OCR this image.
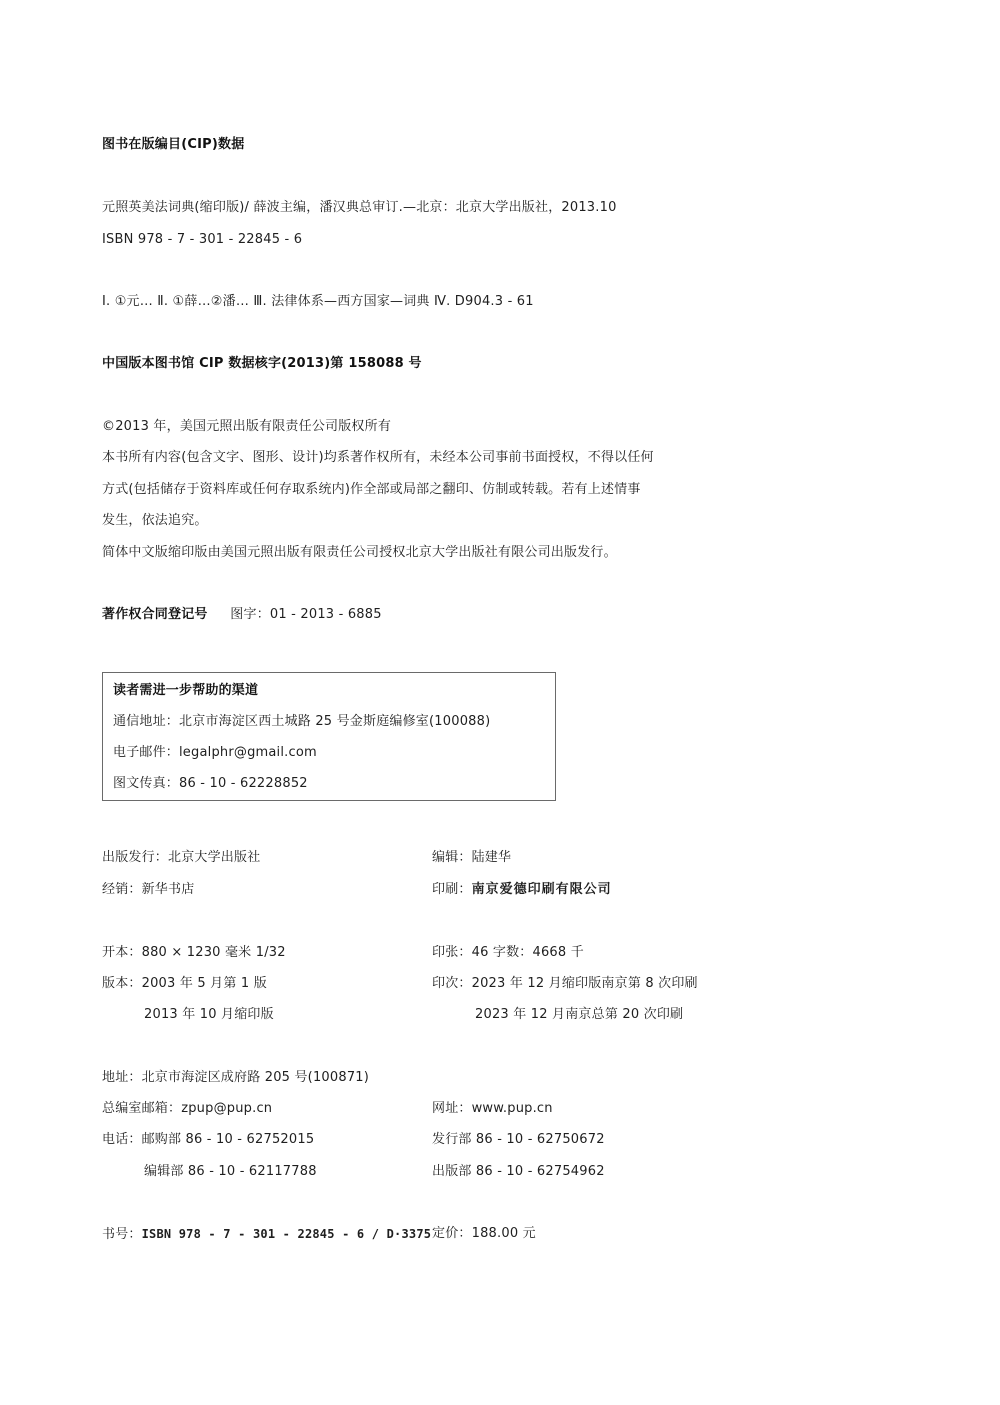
图书在版编目(CIP)数据
元照英美法词典(缩印版)/ 薛波主编，潘汉典总审订.—北京：北京大学出版社，2013.10
ISBN 978 - 7 - 301 - 22845 - 6
Ⅰ. ①元… Ⅱ. ①薛…②潘… Ⅲ. 法律体系—西方国家—词典 Ⅳ. D904.3 - 61
中国版本图书馆 CIP 数据核字(2013)第 158088 号
©2013 年，美国元照出版有限责任公司版权所有
本书所有内容(包含文字、图形、设计)均系著作权所有，未经本公司事前书面授权，不得以任何
方式(包括储存于资料库或任何存取系统内)作全部或局部之翻印、仿制或转载。若有上述情事
发生，依法追究。
简体中文版缩印版由美国元照出版有限责任公司授权北京大学出版社有限公司出版发行。
著作权合同登记号 图字：01 - 2013 - 6885
读者需进一步帮助的渠道
通信地址：北京市海淀区西土城路 25 号金斯庭编修室(100088)
电子邮件：legalphr@gmail.com
图文传真：86 - 10 - 62228852
出版发行：北京大学出版社	编辑：陆建华
经销：新华书店	印刷：南京爱德印刷有限公司
开本：880 × 1230 毫米 1/32	印张：46 字数：4668 千
版本：2003 年 5 月第 1 版	印次：2023 年 12 月缩印版南京第 8 次印刷
2013 年 10 月缩印版	2023 年 12 月南京总第 20 次印刷
地址：北京市海淀区成府路 205 号(100871)
总编室邮箱：zpup@pup.cn	网址：www.pup.cn
电话：邮购部 86 - 10 - 62752015	发行部 86 - 10 - 62750672
编辑部 86 - 10 - 62117788	出版部 86 - 10 - 62754962
书号：ISBN 978 - 7 - 301 - 22845 - 6 / D·3375 定价：188.00 元
